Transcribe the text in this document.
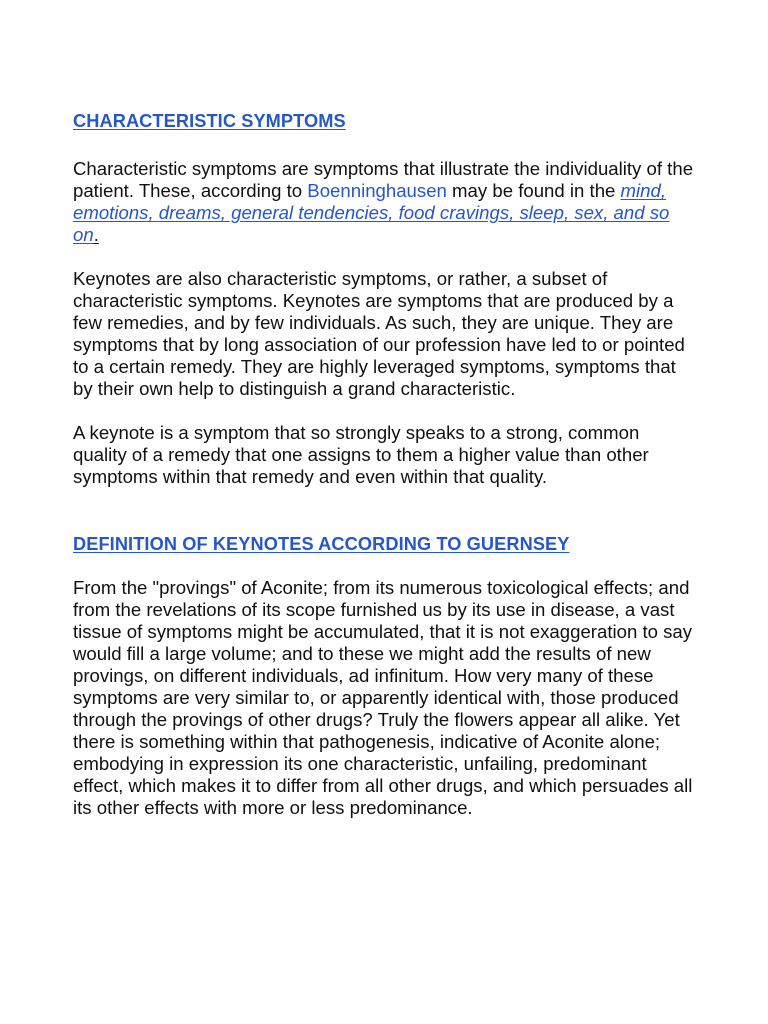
CHARACTERISTIC SYMPTOMS

Characteristic symptoms are symptoms that illustrate the individuality of the patient. These, according to Boenninghausen may be found in the mind, emotions, dreams, general tendencies, food cravings, sleep, sex, and so on.

Keynotes are also characteristic symptoms, or rather, a subset of characteristic symptoms. Keynotes are symptoms that are produced by a few remedies, and by few individuals. As such, they are unique. They are symptoms that by long association of our profession have led to or pointed to a certain remedy. They are highly leveraged symptoms, symptoms that by their own help to distinguish a grand characteristic.

A keynote is a symptom that so strongly speaks to a strong, common quality of a remedy that one assigns to them a higher value than other symptoms within that remedy and even within that quality.

DEFINITION OF KEYNOTES ACCORDING TO GUERNSEY

From the "provings" of Aconite; from its numerous toxicological effects; and from the revelations of its scope furnished us by its use in disease, a vast tissue of symptoms might be accumulated, that it is not exaggeration to say would fill a large volume; and to these we might add the results of new provings, on different individuals, ad infinitum. How very many of these symptoms are very similar to, or apparently identical with, those produced through the provings of other drugs? Truly the flowers appear all alike. Yet there is something within that pathogenesis, indicative of Aconite alone; embodying in expression its one characteristic, unfailing, predominant effect, which makes it to differ from all other drugs, and which persuades all its other effects with more or less predominance.
